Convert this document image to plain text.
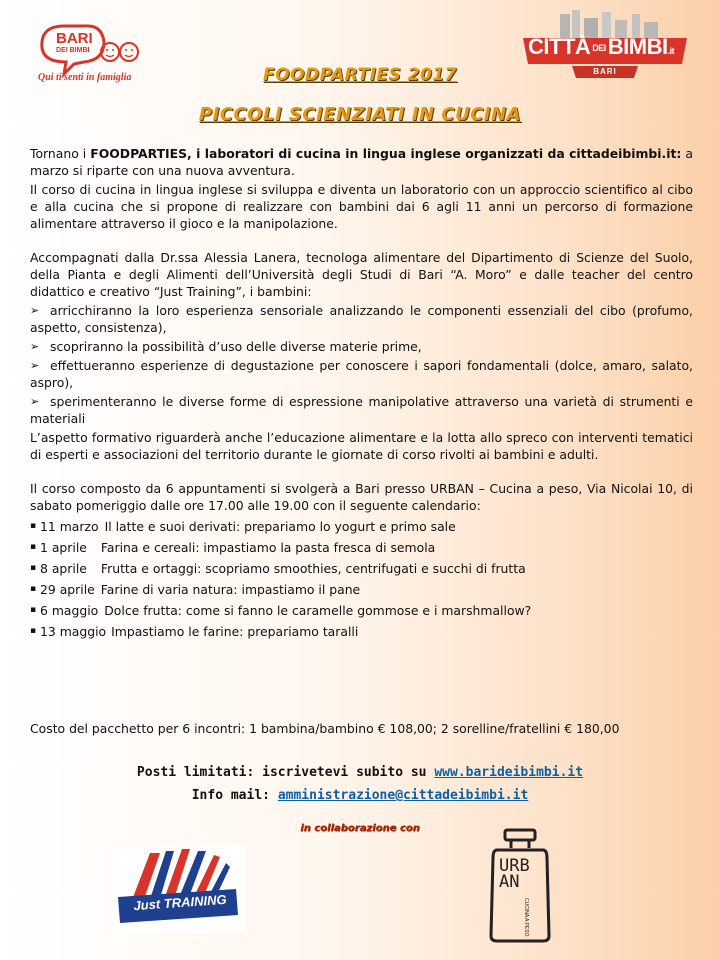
BARI
DEI BIMBI
Qui ti senti in famiglia
CITTÀ DEIBIMBI.it
BARI
FOODPARTIES 2017
PICCOLI SCIENZIATI IN CUCINA

Tornano i FOODPARTIES, i laboratori di cucina in lingua inglese organizzati da cittadeibimbi.it: a marzo si riparte con una nuova avventura.

Il corso di cucina in lingua inglese si sviluppa e diventa un laboratorio con un approccio scientifico al cibo e alla cucina che si propone di realizzare con bambini dai 6 agli 11 anni un percorso di formazione alimentare attraverso il gioco e la manipolazione.

Accompagnati dalla Dr.ssa Alessia Lanera, tecnologa alimentare del Dipartimento di Scienze del Suolo, della Pianta e degli Alimenti dell’Università degli Studi di Bari “A. Moro” e dalle teacher del centro didattico e creativo “Just Training”, i bambini:

➢ arricchiranno la loro esperienza sensoriale analizzando le componenti essenziali del cibo (profumo, aspetto, consistenza),
➢ scopriranno la possibilità d’uso delle diverse materie prime,
➢ effettueranno esperienze di degustazione per conoscere i sapori fondamentali (dolce, amaro, salato, aspro),
➢ sperimenteranno le diverse forme di espressione manipolative attraverso una varietà di strumenti e materiali

L’aspetto formativo riguarderà anche l’educazione alimentare e la lotta allo spreco con interventi tematici di esperti e associazioni del territorio durante le giornate di corso rivolti ai bambini e adulti.

Il corso composto da 6 appuntamenti si svolgerà a Bari presso URBAN – Cucina a peso, Via Nicolai 10, di sabato pomeriggio dalle ore 17.00 alle 19.00 con il seguente calendario:

▪ 11 marzo Il latte e suoi derivati: prepariamo lo yogurt e primo sale
▪ 1 aprile Farina e cereali: impastiamo la pasta fresca di semola
▪ 8 aprile Frutta e ortaggi: scopriamo smoothies, centrifugati e succhi di frutta
▪ 29 aprile Farine di varia natura: impastiamo il pane
▪ 6 maggio Dolce frutta: come si fanno le caramelle gommose e i marshmallow?
▪ 13 maggio Impastiamo le farine: prepariamo taralli
Costo del pacchetto per 6 incontri: 1 bambina/bambino € 108,00; 2 sorelline/fratellini € 180,00
Posti limitati: iscrivetevi subito su www.barideibimbi.it
Info mail: amministrazione@cittadeibimbi.it
in collaborazione con
Just TRAINING
URBAN
CUCINA A PESO
